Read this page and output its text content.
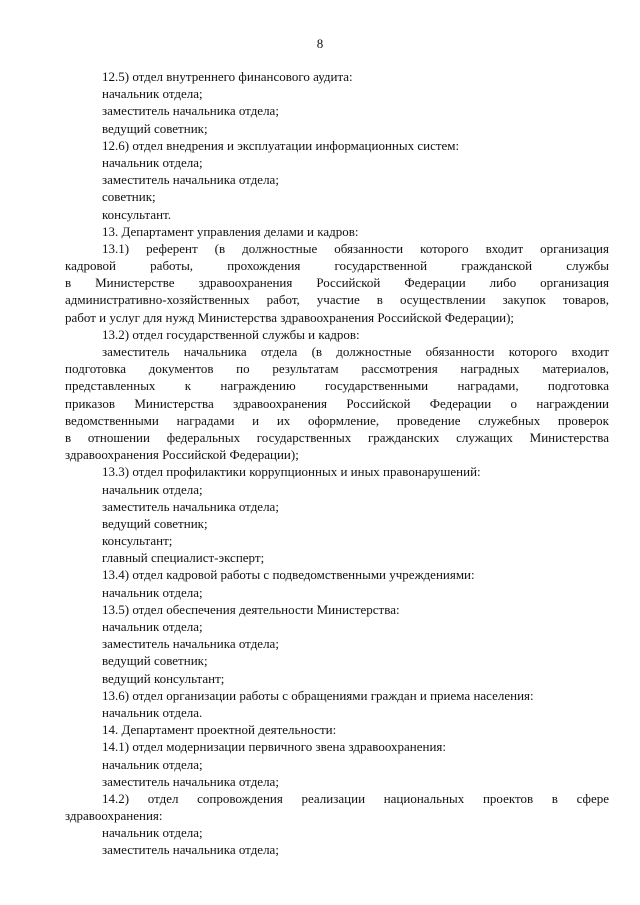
8
12.5) отдел внутреннего финансового аудита:
начальник отдела;
заместитель начальника отдела;
ведущий советник;
12.6) отдел внедрения и эксплуатации информационных систем:
начальник отдела;
заместитель начальника отдела;
советник;
консультант.
13. Департамент управления делами и кадров:
13.1) референт (в должностные обязанности которого входит организация
кадровой работы, прохождения государственной гражданской службы
в Министерстве здравоохранения Российской Федерации либо организация
административно-хозяйственных работ, участие в осуществлении закупок товаров,
работ и услуг для нужд Министерства здравоохранения Российской Федерации);
13.2) отдел государственной службы и кадров:
заместитель начальника отдела (в должностные обязанности которого входит
подготовка документов по результатам рассмотрения наградных материалов,
представленных к награждению государственными наградами, подготовка
приказов Министерства здравоохранения Российской Федерации о награждении
ведомственными наградами и их оформление, проведение служебных проверок
в отношении федеральных государственных гражданских служащих Министерства
здравоохранения Российской Федерации);
13.3) отдел профилактики коррупционных и иных правонарушений:
начальник отдела;
заместитель начальника отдела;
ведущий советник;
консультант;
главный специалист-эксперт;
13.4) отдел кадровой работы с подведомственными учреждениями:
начальник отдела;
13.5) отдел обеспечения деятельности Министерства:
начальник отдела;
заместитель начальника отдела;
ведущий советник;
ведущий консультант;
13.6) отдел организации работы с обращениями граждан и приема населения:
начальник отдела.
14. Департамент проектной деятельности:
14.1) отдел модернизации первичного звена здравоохранения:
начальник отдела;
заместитель начальника отдела;
14.2) отдел сопровождения реализации национальных проектов в сфере
здравоохранения:
начальник отдела;
заместитель начальника отдела;
